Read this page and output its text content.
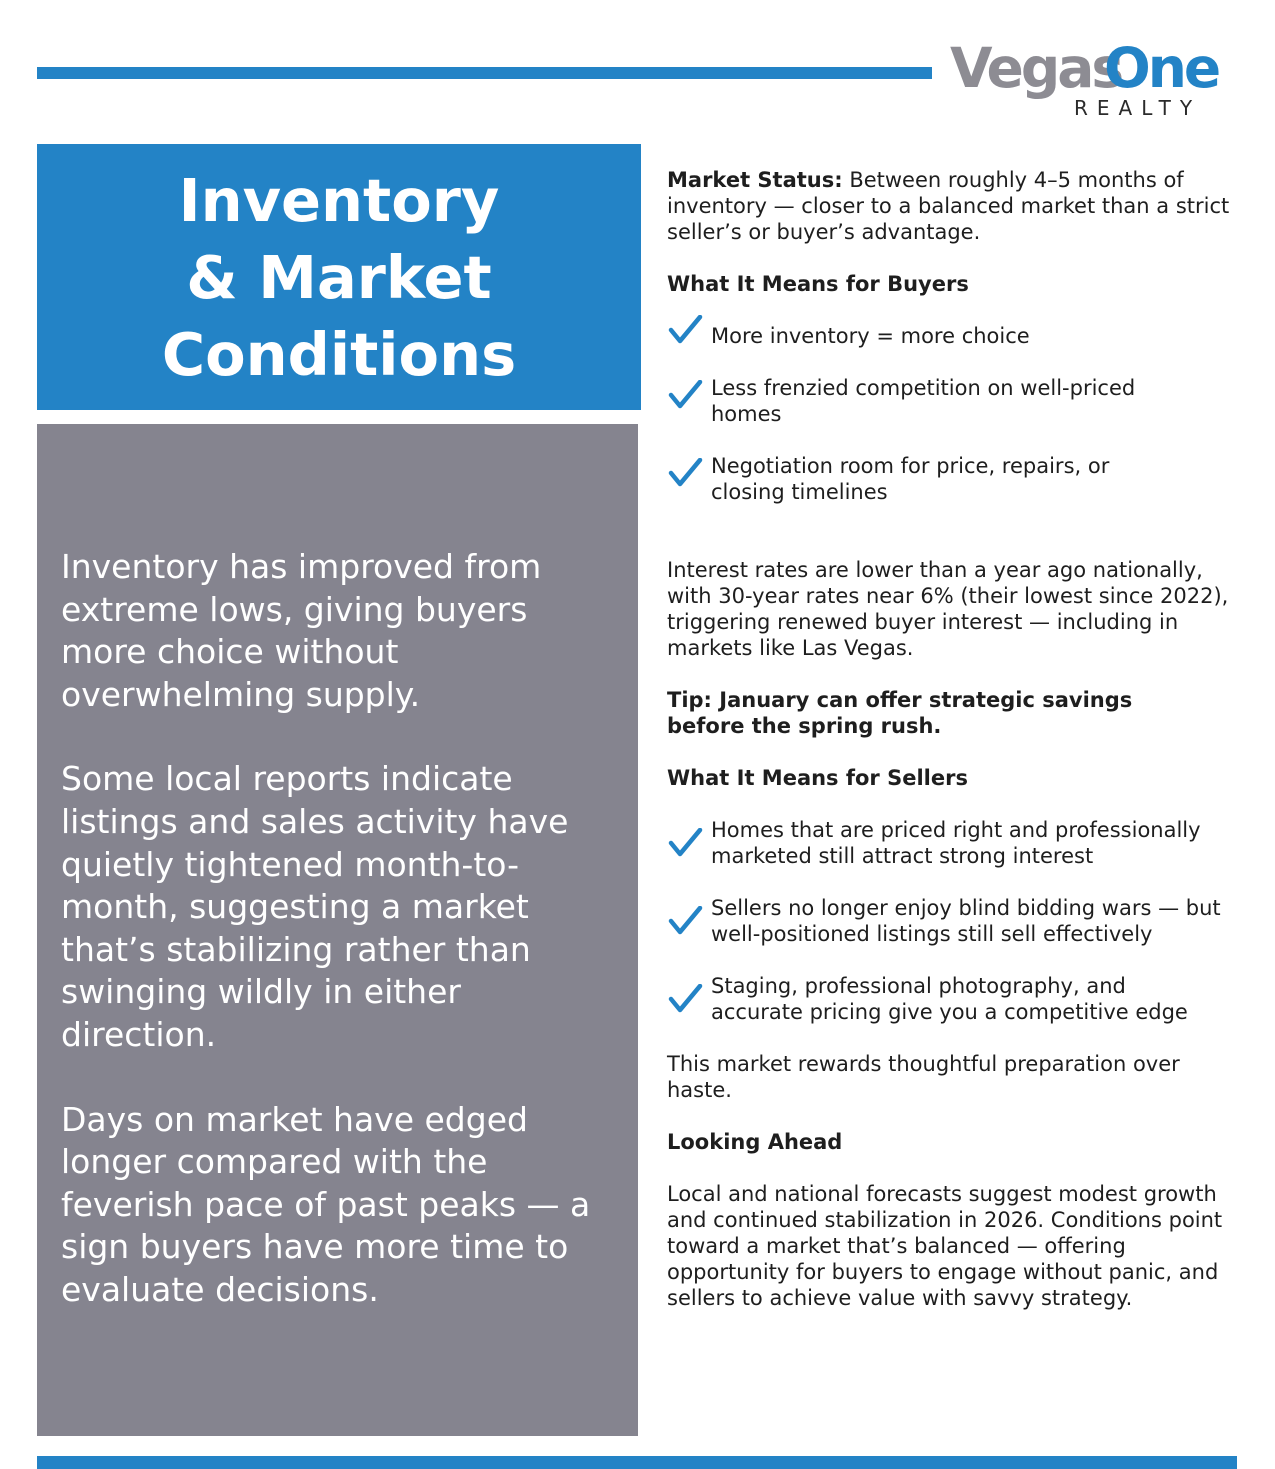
Vegas
One
REALTY
Inventory
& Market
Conditions

Inventory has improved from extreme lows, giving buyers more choice without overwhelming supply.

Some local reports indicate listings and sales activity have quietly tightened month-to-month, suggesting a market that’s stabilizing rather than swinging wildly in either direction.

Days on market have edged longer compared with the feverish pace of past peaks — a sign buyers have more time to evaluate decisions.

Market Status: Between roughly 4–5 months of inventory — closer to a balanced market than a strict seller’s or buyer’s advantage.

What It Means for Buyers

More inventory = more choice

Less frenzied competition on well-priced homes

Negotiation room for price, repairs, or closing timelines

Interest rates are lower than a year ago nationally, with 30-year rates near 6% (their lowest since 2022), triggering renewed buyer interest — including in markets like Las Vegas.

Tip: January can offer strategic savings before the spring rush.

What It Means for Sellers

Homes that are priced right and professionally marketed still attract strong interest

Sellers no longer enjoy blind bidding wars — but well-positioned listings still sell effectively

Staging, professional photography, and accurate pricing give you a competitive edge

This market rewards thoughtful preparation over haste.

Looking Ahead

Local and national forecasts suggest modest growth and continued stabilization in 2026. Conditions point toward a market that’s balanced — offering opportunity for buyers to engage without panic, and sellers to achieve value with savvy strategy.
